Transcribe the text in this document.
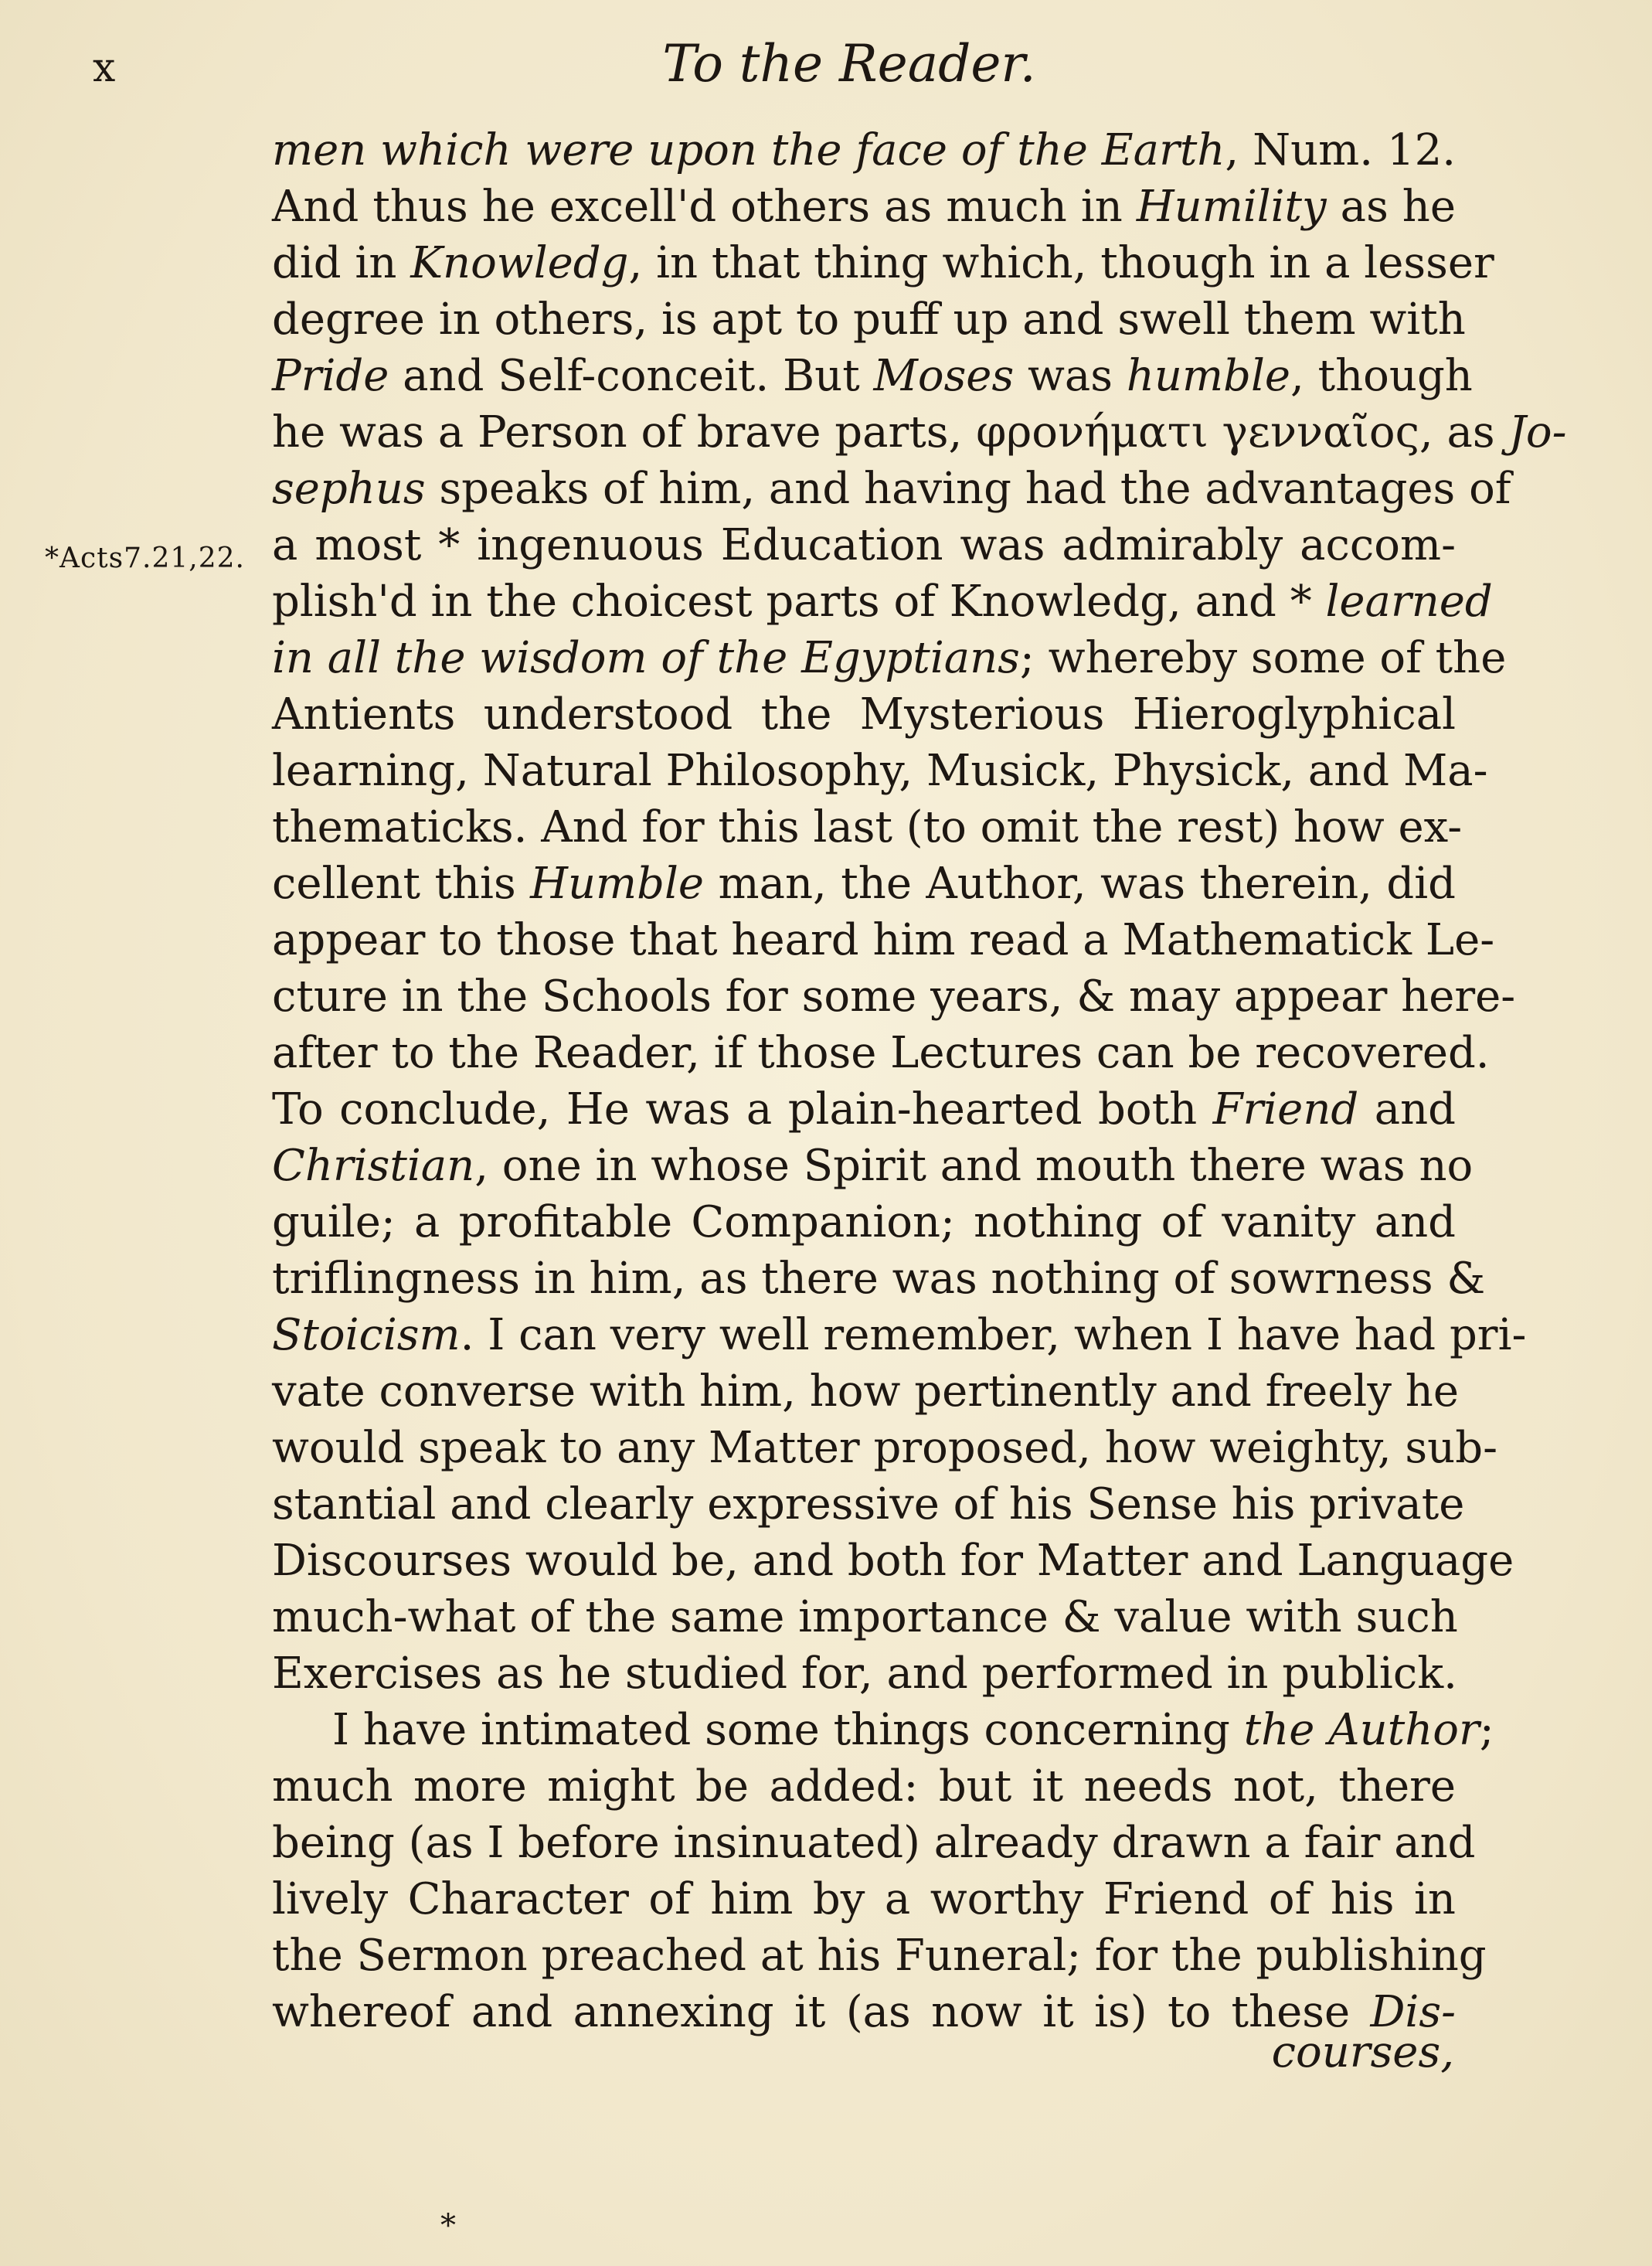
x	To the Reader.
*Acts7.21,22.
men which were upon the face of the Earth, Num. 12.
And thus he excell'd others as much in Humility as he
did in Knowledg, in that thing which, though in a lesser
degree in others, is apt to puff up and swell them with
Pride and Self-conceit. But Moses was humble, though
he was a Person of brave parts, φρονήματι γενναῖος, as Jo-
sephus speaks of him, and having had the advantages of
a most * ingenuous Education was admirably accom-
plish'd in the choicest parts of Knowledg, and * learned
in all the wisdom of the Egyptians; whereby some of the
Antients understood the Mysterious Hieroglyphical
learning, Natural Philosophy, Musick, Physick, and Ma-
thematicks. And for this last (to omit the rest) how ex-
cellent this Humble man, the Author, was therein, did
appear to those that heard him read a Mathematick Le-
cture in the Schools for some years, & may appear here-
after to the Reader, if those Lectures can be recovered.
To conclude, He was a plain-hearted both Friend and
Christian, one in whose Spirit and mouth there was no
guile; a profitable Companion; nothing of vanity and
triflingness in him, as there was nothing of sowrness &
Stoicism. I can very well remember, when I have had pri-
vate converse with him, how pertinently and freely he
would speak to any Matter proposed, how weighty, sub-
stantial and clearly expressive of his Sense his private
Discourses would be, and both for Matter and Language
much-what of the same importance & value with such
Exercises as he studied for, and performed in publick.
I have intimated some things concerning the Author;
much more might be added: but it needs not, there
being (as I before insinuated) already drawn a fair and
lively Character of him by a worthy Friend of his in
the Sermon preached at his Funeral; for the publishing
whereof and annexing it (as now it is) to these Dis-
courses,
*
